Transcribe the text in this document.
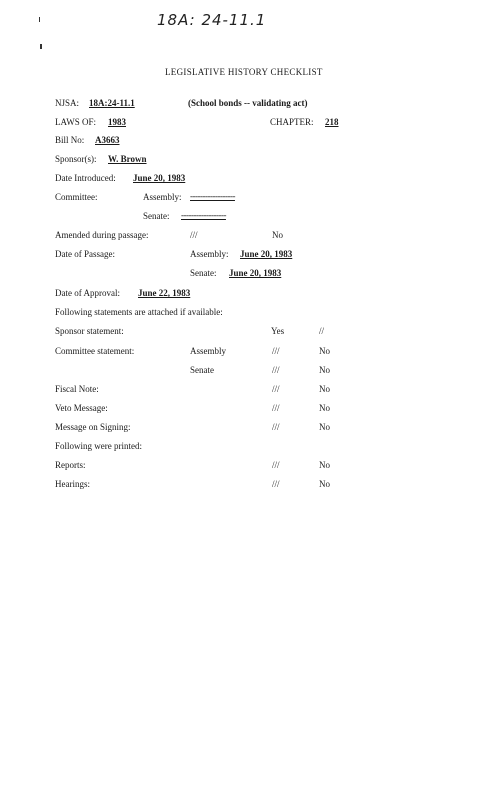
18A: 24-11.1
LEGISLATIVE HISTORY CHECKLIST
NJSA: 18A:24-11.1	(School bonds -- validating act)
LAWS OF: 1983	CHAPTER: 218
Bill No: A3663
Sponsor(s): W. Brown
Date Introduced: June 20, 1983
Committee:	Assembly: ------------------
Senate: ------------------
Amended during passage:	///	No
Date of Passage:	Assembly: June 20, 1983
Senate: June 20, 1983
Date of Approval: June 22, 1983
Following statements are attached if available:
Sponsor statement:	Yes	//
Committee statement:	Assembly	///	No
Senate	///	No
Fiscal Note:	///	No
Veto Message:	///	No
Message on Signing:	///	No
Following were printed:
Reports:	///	No
Hearings:	///	No
